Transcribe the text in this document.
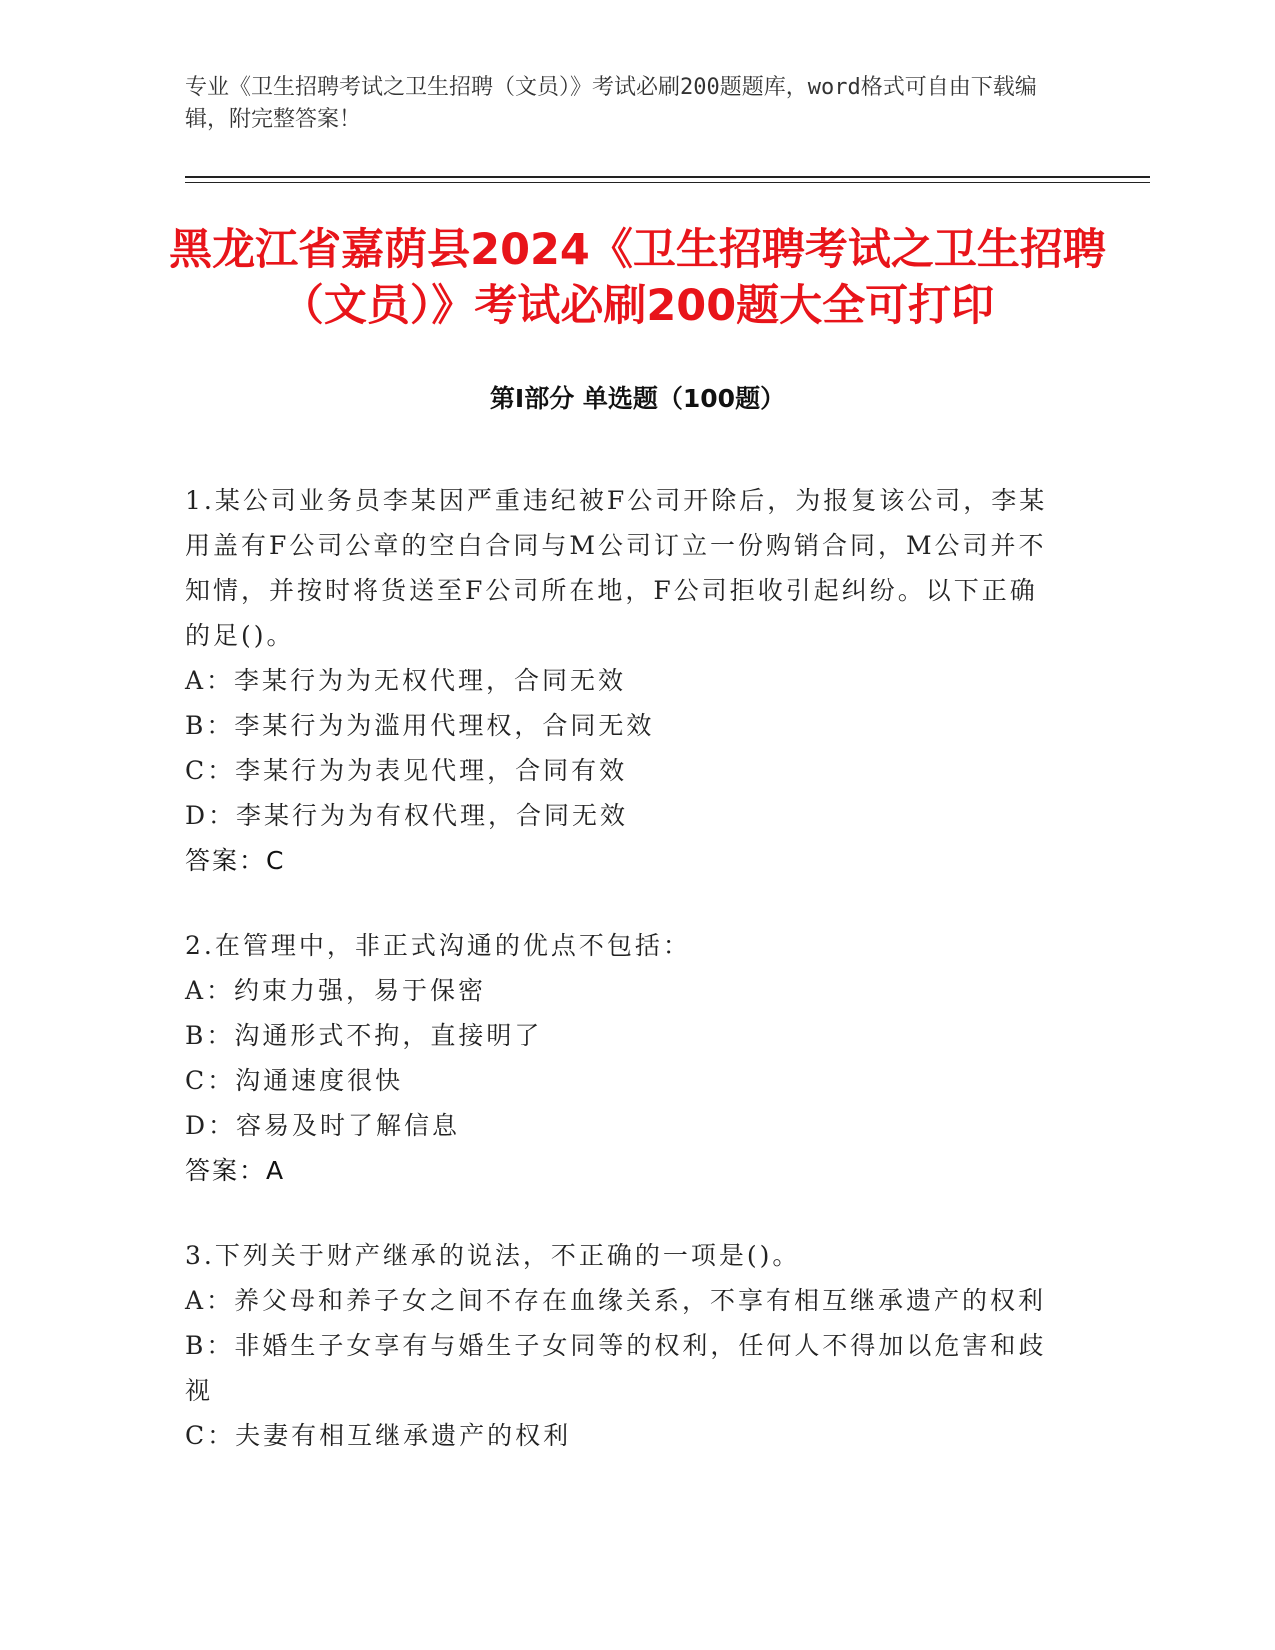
专业《卫生招聘考试之卫生招聘（文员）》考试必刷200题题库，word格式可自由下载编辑，附完整答案！
黑龙江省嘉荫县2024《卫生招聘考试之卫生招聘（文员）》考试必刷200题大全可打印
第Ⅰ部分 单选题（100题）
1.某公司业务员李某因严重违纪被F公司开除后，为报复该公司，李某用盖有F公司公章的空白合同与M公司订立一份购销合同，M公司并不知情，并按时将货送至F公司所在地，F公司拒收引起纠纷。以下正确的足()。
A：李某行为为无权代理，合同无效
B：李某行为为滥用代理权，合同无效
C：李某行为为表见代理，合同有效
D：李某行为为有权代理，合同无效
答案：C
2.在管理中，非正式沟通的优点不包括：
A：约束力强，易于保密
B：沟通形式不拘，直接明了
C：沟通速度很快
D：容易及时了解信息
答案：A
3.下列关于财产继承的说法，不正确的一项是()。
A：养父母和养子女之间不存在血缘关系，不享有相互继承遗产的权利
B：非婚生子女享有与婚生子女同等的权利，任何人不得加以危害和歧视
C：夫妻有相互继承遗产的权利
